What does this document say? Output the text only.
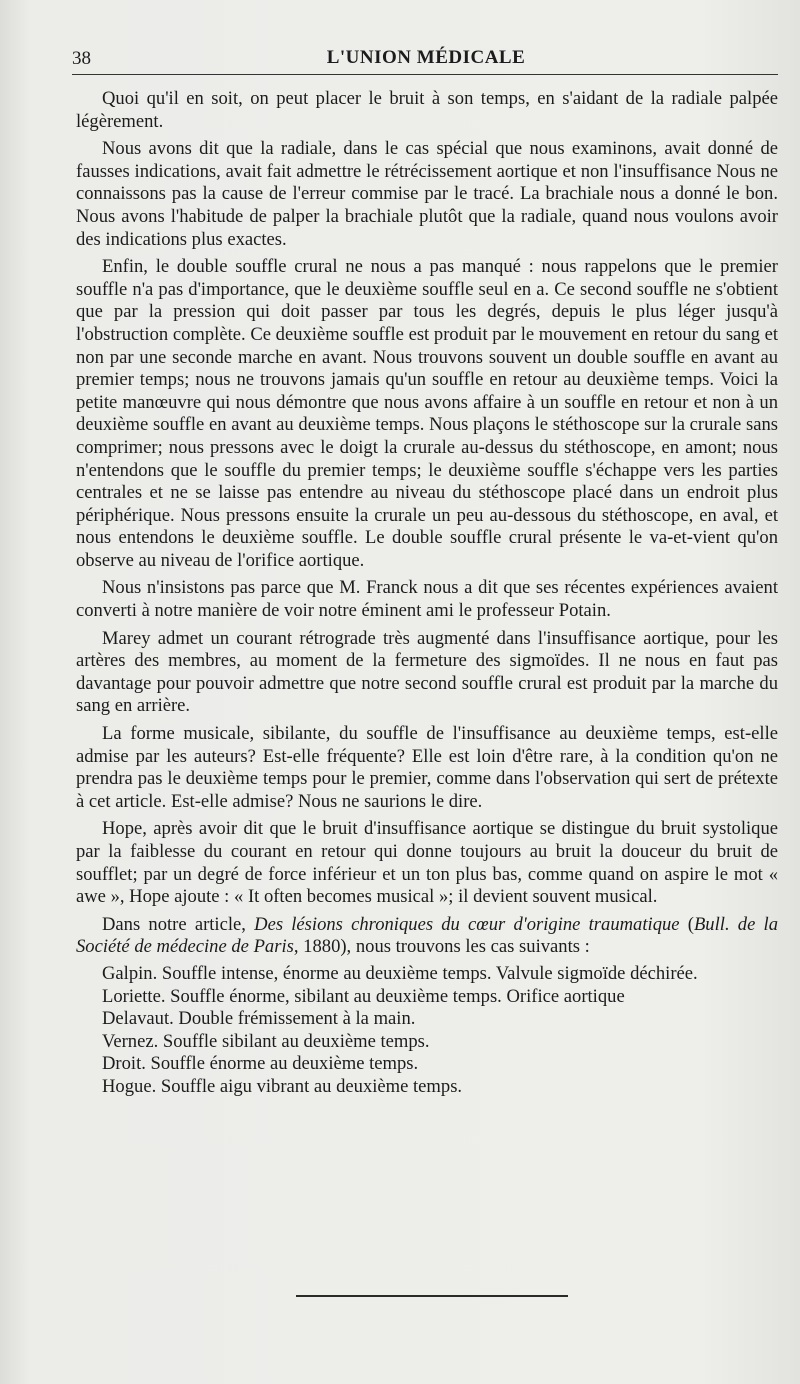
38	L'UNION MÉDICALE

Quoi qu'il en soit, on peut placer le bruit à son temps, en s'aidant de la radiale palpée légèrement.

Nous avons dit que la radiale, dans le cas spécial que nous examinons, avait donné de fausses indications, avait fait admettre le rétrécissement aortique et non l'insuffisance Nous ne connaissons pas la cause de l'erreur commise par le tracé. La brachiale nous a donné le bon. Nous avons l'habitude de palper la brachiale plutôt que la radiale, quand nous voulons avoir des indications plus exactes.

Enfin, le double souffle crural ne nous a pas manqué : nous rappelons que le premier souffle n'a pas d'importance, que le deuxième souffle seul en a. Ce second souffle ne s'obtient que par la pression qui doit passer par tous les degrés, depuis le plus léger jusqu'à l'obstruction complète. Ce deuxième souffle est produit par le mouvement en retour du sang et non par une seconde marche en avant. Nous trouvons souvent un double souffle en avant au premier temps; nous ne trouvons jamais qu'un souffle en retour au deuxième temps. Voici la petite manœuvre qui nous démontre que nous avons affaire à un souffle en retour et non à un deuxième souffle en avant au deuxième temps. Nous plaçons le stéthoscope sur la crurale sans comprimer; nous pressons avec le doigt la crurale au-dessus du stéthoscope, en amont; nous n'entendons que le souffle du premier temps; le deuxième souffle s'échappe vers les parties centrales et ne se laisse pas entendre au niveau du stéthoscope placé dans un endroit plus périphérique. Nous pressons ensuite la crurale un peu au-dessous du stéthoscope, en aval, et nous entendons le deuxième souffle. Le double souffle crural présente le va-et-vient qu'on observe au niveau de l'orifice aortique.

Nous n'insistons pas parce que M. Franck nous a dit que ses récentes expériences avaient converti à notre manière de voir notre éminent ami le professeur Potain.

Marey admet un courant rétrograde très augmenté dans l'insuffisance aortique, pour les artères des membres, au moment de la fermeture des sigmoïdes. Il ne nous en faut pas davantage pour pouvoir admettre que notre second souffle crural est produit par la marche du sang en arrière.

La forme musicale, sibilante, du souffle de l'insuffisance au deuxième temps, est-elle admise par les auteurs? Est-elle fréquente? Elle est loin d'être rare, à la condition qu'on ne prendra pas le deuxième temps pour le premier, comme dans l'observation qui sert de prétexte à cet article. Est-elle admise? Nous ne saurions le dire.

Hope, après avoir dit que le bruit d'insuffisance aortique se distingue du bruit systolique par la faiblesse du courant en retour qui donne toujours au bruit la douceur du bruit de soufflet; par un degré de force inférieur et un ton plus bas, comme quand on aspire le mot « awe », Hope ajoute : « It often becomes musical »; il devient souvent musical.

Dans notre article, Des lésions chroniques du cœur d'origine traumatique (Bull. de la Société de médecine de Paris, 1880), nous trouvons les cas suivants :

Galpin. Souffle intense, énorme au deuxième temps. Valvule sigmoïde déchirée.
Loriette. Souffle énorme, sibilant au deuxième temps. Orifice aortique
Delavaut. Double frémissement à la main.
Vernez. Souffle sibilant au deuxième temps.
Droit. Souffle énorme au deuxième temps.
Hogue. Souffle aigu vibrant au deuxième temps.
